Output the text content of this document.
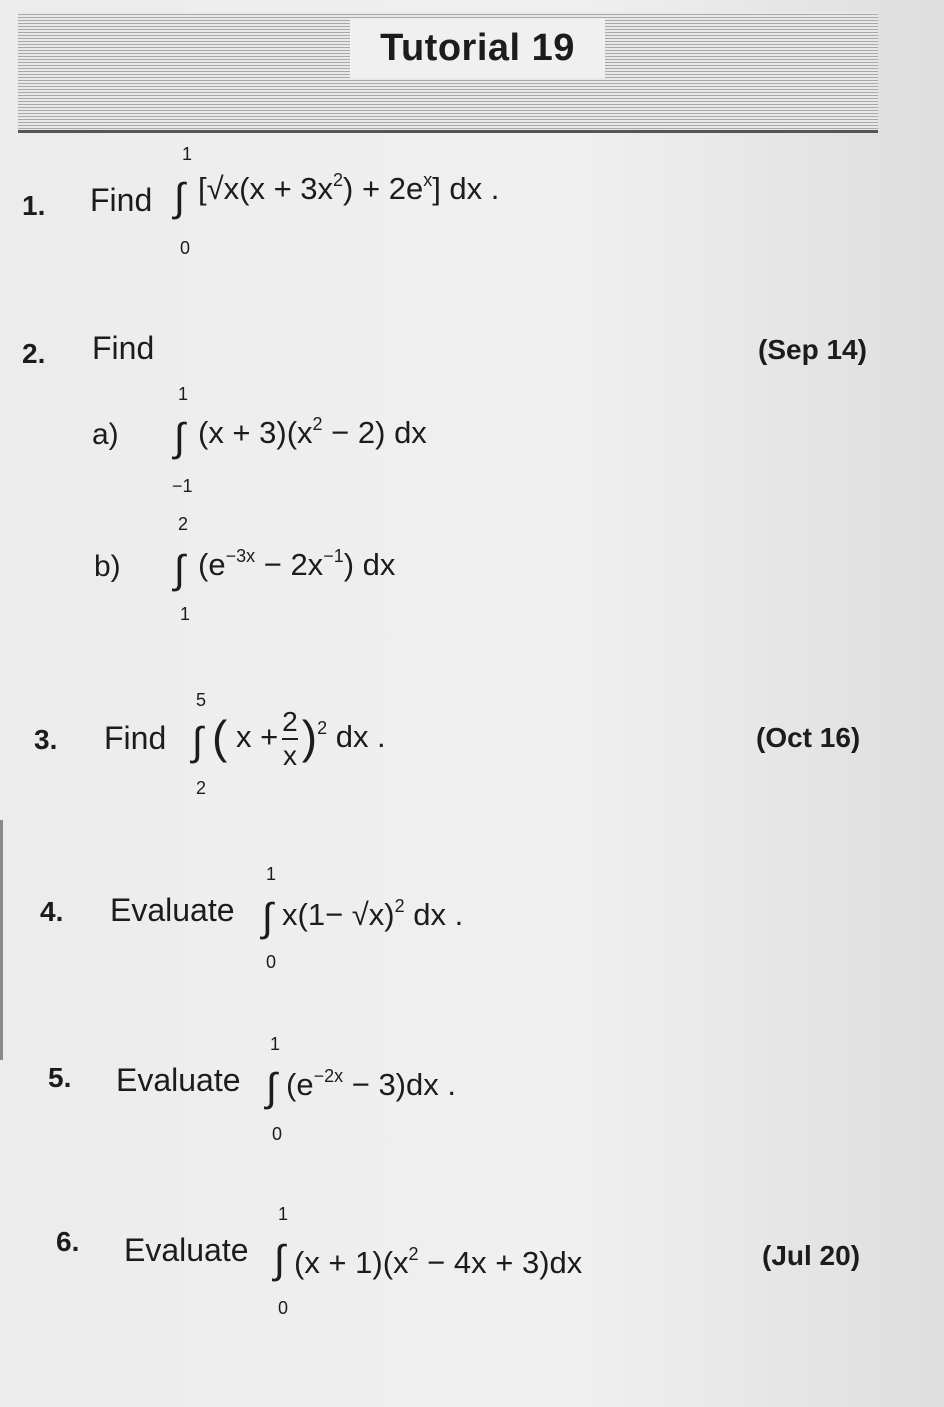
Tutorial 19
1. Find
1
∫
0
$[√x(x + 3x^2) + 2e^x]$ dx .
2. Find	(Sep 14)
a)
1
∫
−1
$(x + 3)(x^2 - 2)$ dx
b)
2
∫
1
$(e^{-3x} - 2x^{-1})$ dx
3. Find	(Oct 16)
5
∫
2
( $x + \frac{2}{x} )^2$ dx .
4. Evaluate
1
∫
0
$x(1- √x)^2$ dx .
5. Evaluate
1
∫
0
$(e^{-2x} - 3)dx$ .
6. Evaluate	(Jul 20)
1
∫
0
$(x + 1)(x^2 - 4x + 3)dx$
